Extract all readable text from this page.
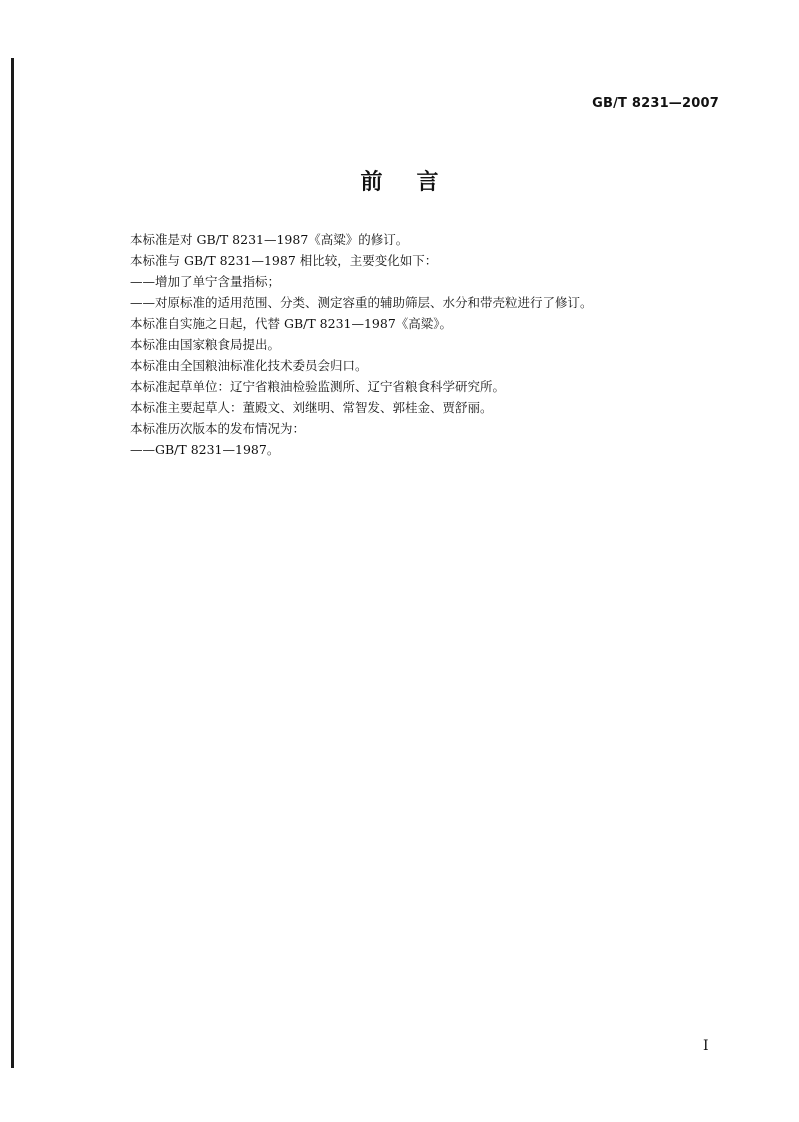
GB/T 8231—2007
前言
本标准是对 GB/T 8231—1987《高粱》的修订。
本标准与 GB/T 8231—1987 相比较，主要变化如下：
——增加了单宁含量指标；
——对原标准的适用范围、分类、测定容重的辅助筛层、水分和带壳粒进行了修订。
本标准自实施之日起，代替 GB/T 8231—1987《高粱》。
本标准由国家粮食局提出。
本标准由全国粮油标准化技术委员会归口。
本标准起草单位：辽宁省粮油检验监测所、辽宁省粮食科学研究所。
本标准主要起草人：董殿文、刘继明、常智发、郭桂金、贾舒丽。
本标准历次版本的发布情况为：
——GB/T 8231—1987。
I
